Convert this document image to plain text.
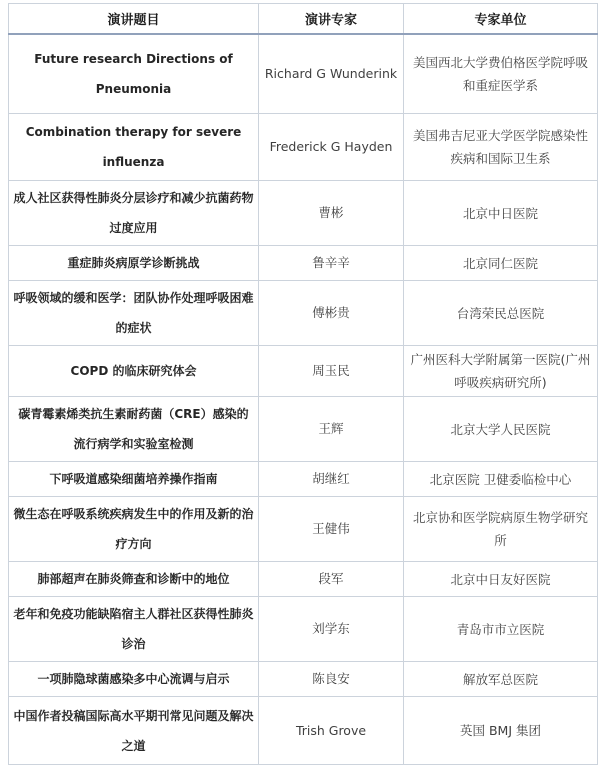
演讲题目	演讲专家	专家单位
Future research Directions of Pneumonia	Richard G Wunderink	美国西北大学费伯格医学院呼吸和重症医学系
Combination therapy for severe influenza	Frederick G Hayden	美国弗吉尼亚大学医学院感染性疾病和国际卫生系
成人社区获得性肺炎分层诊疗和减少抗菌药物过度应用	曹彬	北京中日医院
重症肺炎病原学诊断挑战	鲁辛辛	北京同仁医院
呼吸领域的缓和医学：团队协作处理呼吸困难的症状	傅彬贵	台湾荣民总医院
COPD 的临床研究体会	周玉民	广州医科大学附属第一医院(广州呼吸疾病研究所)
碳青霉素烯类抗生素耐药菌（CRE）感染的流行病学和实验室检测	王辉	北京大学人民医院
下呼吸道感染细菌培养操作指南	胡继红	北京医院 卫健委临检中心
微生态在呼吸系统疾病发生中的作用及新的治疗方向	王健伟	北京协和医学院病原生物学研究所
肺部超声在肺炎筛查和诊断中的地位	段军	北京中日友好医院
老年和免疫功能缺陷宿主人群社区获得性肺炎诊治	刘学东	青岛市市立医院
一项肺隐球菌感染多中心流调与启示	陈良安	解放军总医院
中国作者投稿国际高水平期刊常见问题及解决之道	Trish Grove	英国 BMJ 集团
